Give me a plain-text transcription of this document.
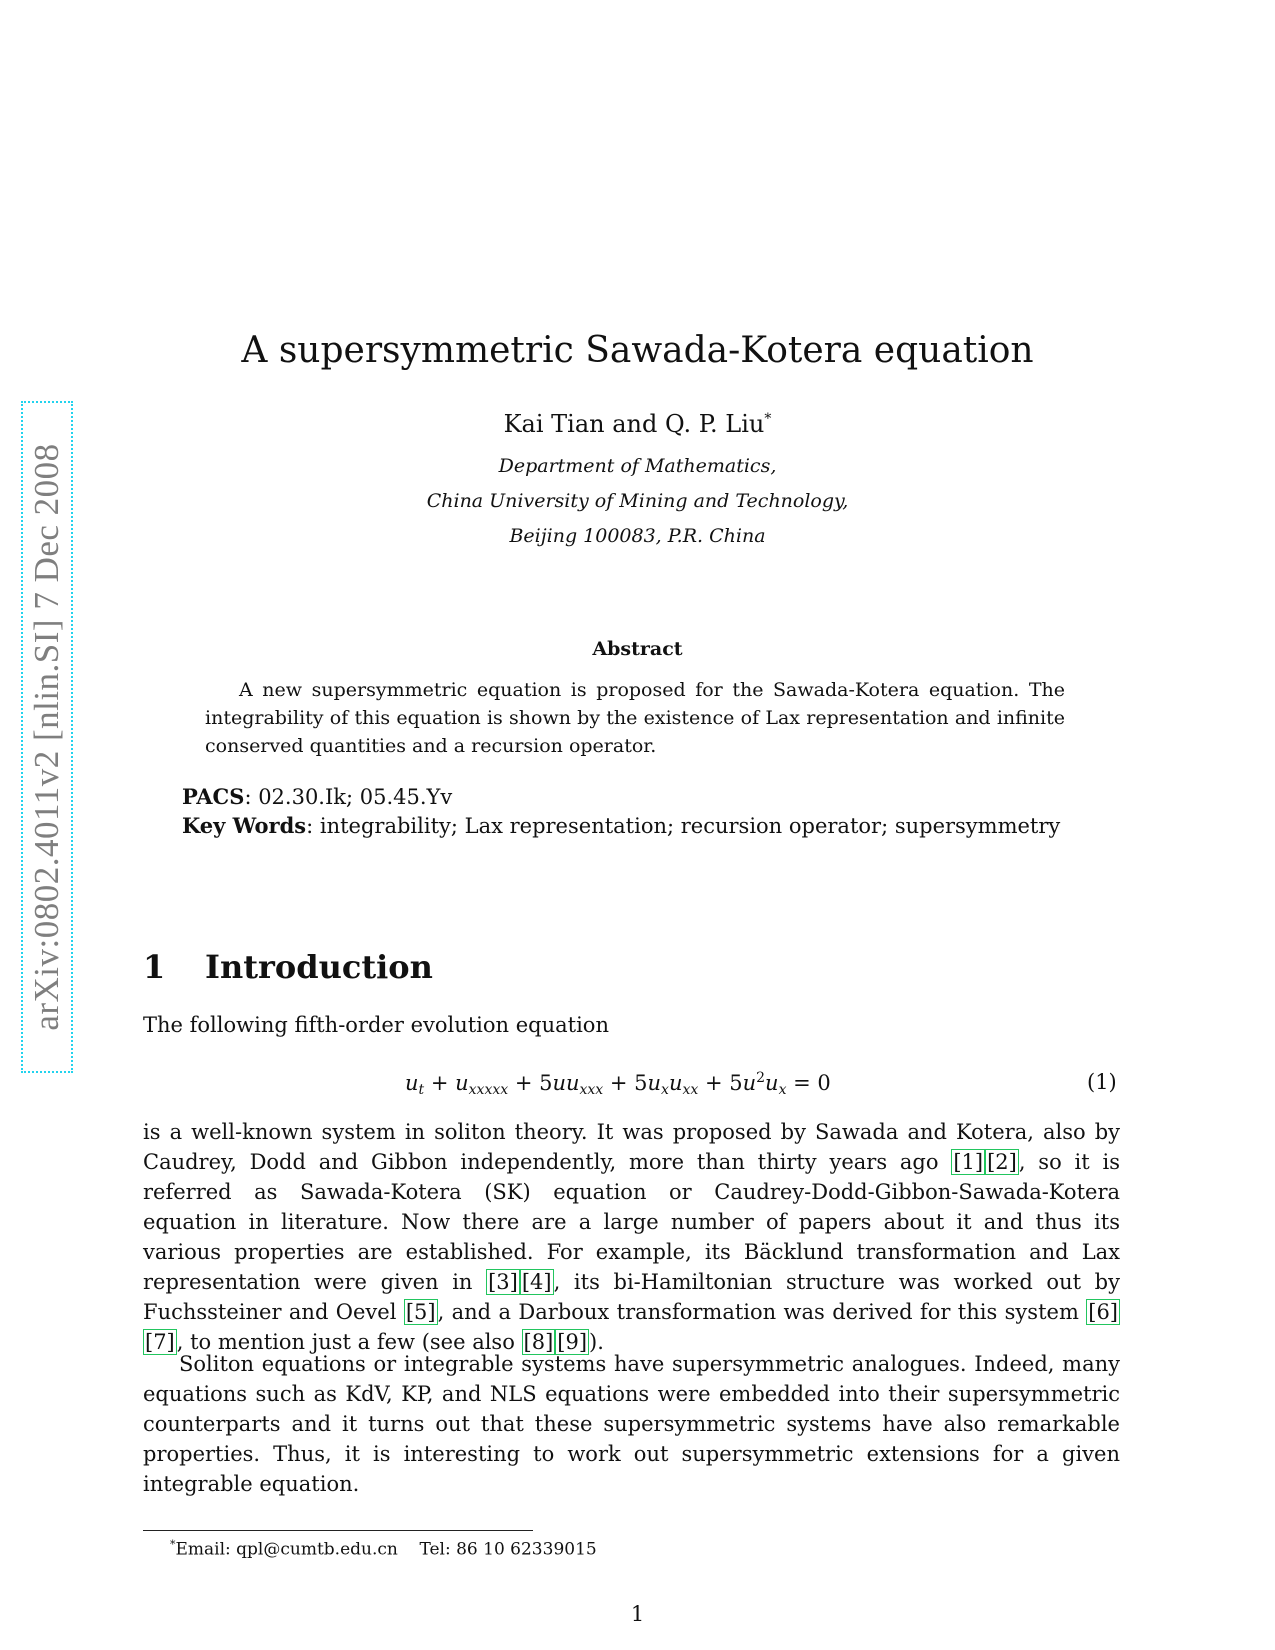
arXiv:0802.4011v2 [nlin.SI] 7 Dec 2008
A supersymmetric Sawada-Kotera equation
Kai Tian and Q. P. Liu*
Department of Mathematics,
China University of Mining and Technology,
Beijing 100083, P.R. China
Abstract
A new supersymmetric equation is proposed for the Sawada-Kotera equation. The integrability of this equation is shown by the existence of Lax representation and infinite conserved quantities and a recursion operator.
PACS: 02.30.Ik; 05.45.Yv
Key Words: integrability; Lax representation; recursion operator; supersymmetry
1 Introduction
The following fifth-order evolution equation
$u_t + u_{xxxxx} + 5uu_{xxx} + 5u_xu_{xx} + 5u^2u_x = 0$	(1)
is a well-known system in soliton theory. It was proposed by Sawada and Kotera, also by Caudrey, Dodd and Gibbon independently, more than thirty years ago [1] [2], so it is referred as Sawada-Kotera (SK) equation or Caudrey-Dodd-Gibbon-Sawada-Kotera equation in literature. Now there are a large number of papers about it and thus its various properties are established. For example, its Bäcklund transformation and Lax representation were given in [3] [4], its bi-Hamiltonian structure was worked out by Fuchssteiner and Oevel [5], and a Darboux transformation was derived for this system [6][7], to mention just a few (see also [8] [9]).
Soliton equations or integrable systems have supersymmetric analogues. Indeed, many equations such as KdV, KP, and NLS equations were embedded into their supersymmetric counterparts and it turns out that these supersymmetric systems have also remarkable properties. Thus, it is interesting to work out supersymmetric extensions for a given integrable equation.
*Email: qpl@cumtb.edu.cn    Tel: 86 10 62339015
1
